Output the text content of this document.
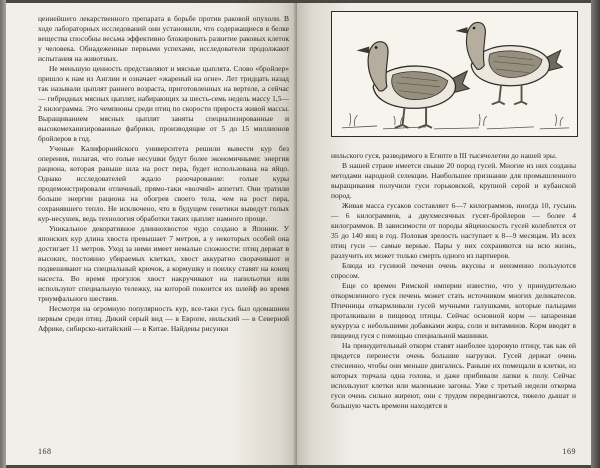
ценнейшего лекарственного препарата в борьбе против раковой опухоли. В ходе лабораторных исследований они установили, что содержащиеся в белке вещества способны весьма эффективно блокировать развитие раковых клеток у человека. Обнадеженные первыми успехами, исследователи продолжают испытания на животных.

Не меньшую ценность представляют и мясные цыплята. Слово «бройлер» пришло к нам из Англии и означает «жареный на огне». Лет тридцать назад так называли цыплят раннего возраста, приготовленных на вертеле, а сейчас — гибридных мясных цыплят, набирающих за шесть-семь недель массу 1,5—2 килограмма. Это чемпионы среди птиц по скорости прироста живой массы. Выращиванием мясных цыплят заняты специализированные и высокомеханизированные фабрики, производящие от 5 до 15 миллионов бройлеров в год.

Ученые Калифорнийского университета решили вывести кур без оперения, полагая, что голые несушки будут более экономичными: энергия рациона, которая раньше шла на рост пера, будет использована на яйцо. Однако исследователей ждало разочарование: голые куры продемонстрировали отличный, прямо-таки «волчий» аппетит. Они тратили больше энергии рациона на обогрев своего тела, чем на рост пера, сохранявшего тепло. Не исключено, что в будущем генетики выведут голых кур-несушек, ведь технология обработки таких цыплят намного проще.

Уникальное декоративное длиннохвостое чудо создано в Японии. У японских кур длина хвоста превышает 7 метров, а у некоторых особей она достигает 11 метров. Уход за ними имеет немалые сложности: птиц держат в высоких, постоянно убираемых клетках, хвост аккуратно сворачивают и подвешивают на специальный крючок, а кормушку и поилку ставят на конец насеста. Во время прогулок хвост накручивают на папильотки или используют специальную тележку, на которой покоится их шлейф во время триумфального шествия.

Несмотря на огромную популярность кур, все-таки гусь был одомашнен первым среди птиц. Дикий серый вид — в Европе, нильский — в Северной Африке, сибирско-китайский — в Китае. Найдены рисунки

168

нильского гуся, разводимого в Египте в III тысячелетии до нашей эры.

В нашей стране имеется свыше 20 пород гусей. Многие из них созданы методами народной селекции. Наибольшее признание для промышленного выращивания получили гуси горьковской, крупной серой и кубанской пород.

Живая масса гусаков составляет 6—7 килограммов, иногда 10, гусынь — 6 килограммов, а двухмесячных гусят-бройлеров — более 4 килограммов. В зависимости от породы яйценоскость гусей колеблется от 35 до 140 яиц в год. Половая зрелость наступает к 8—9 месяцам. Из всех птиц гуси — самые верные. Пары у них сохраняются на всю жизнь, разлучить их может только смерть одного из партнеров.

Блюда из гусиной печени очень вкусны и неизменно пользуются спросом.

Еще со времен Римской империи известно, что у принудительно откормленного гуся печень может стать источником многих деликатесов. Птичницы откармливали гусей мучными галушками, которые пальцами проталкивали в пищевод птицы. Сейчас основной корм — запаренная кукуруза с небольшими добавками жира, соли и витаминов. Корм вводят в пищевод гуся с помощью специальной машинки.

На принудительный откорм ставят наиболее здоровую птицу, так как ей придется перенести очень большие нагрузки. Гусей держат очень стесненно, чтобы они меньше двигались. Раньше их помещали в клетки, из которых торчала одна голова, и даже прибивали лапки к полу. Сейчас используют клетки или маленькие загоны. Уже с третьей недели откорма гуси очень сильно жиреют, они с трудом передвигаются, тяжело дышат и большую часть времени находятся в

169
